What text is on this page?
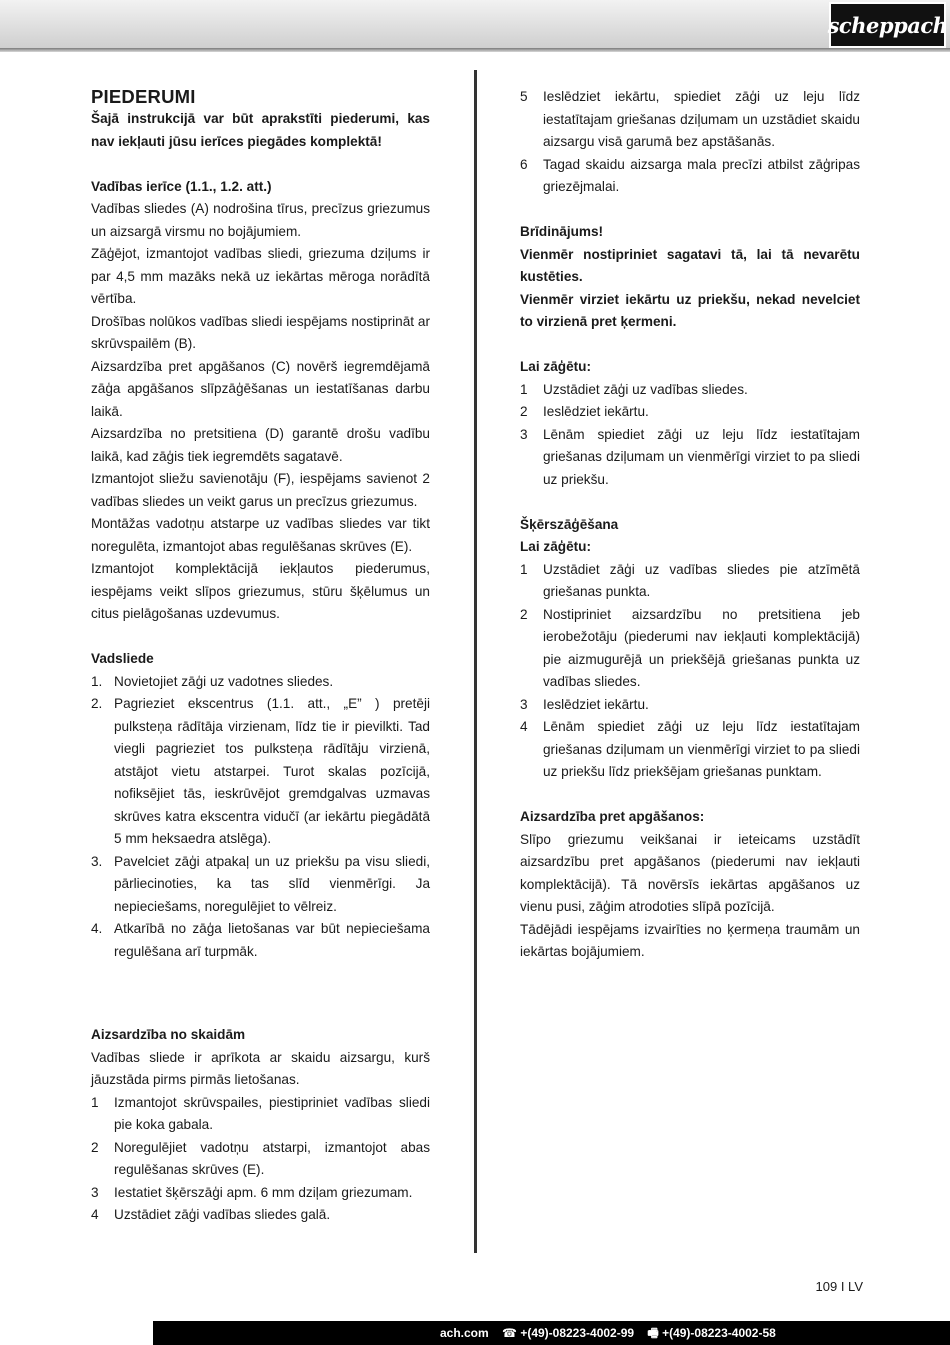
scheppach
PIEDERUMI

Šajā instrukcijā var būt aprakstīti piederumi, kas nav iekļauti jūsu ierīces piegādes komplektā!

Vadības ierīce (1.1., 1.2. att.)

Vadības sliedes (A) nodrošina tīrus, precīzus griezumus un aizsargā virsmu no bojājumiem.

Zāģējot, izmantojot vadības sliedi, griezuma dziļums ir par 4,5 mm mazāks nekā uz iekārtas mēroga norādītā vērtība.

Drošības nolūkos vadības sliedi iespējams nostiprināt ar skrūvspailēm (B).

Aizsardzība pret apgāšanos (C) novērš iegremdējamā zāģa apgāšanos slīpzāģēšanas un iestatīšanas darbu laikā.

Aizsardzība no pretsitiena (D) garantē drošu vadību laikā, kad zāģis tiek iegremdēts sagatavē.

Izmantojot sliežu savienotāju (F), iespējams savienot 2 vadības sliedes un veikt garus un precīzus griezumus.

Montāžas vadotņu atstarpe uz vadības sliedes var tikt noregulēta, izmantojot abas regulēšanas skrūves (E).

Izmantojot komplektācijā iekļautos piederumus, iespējams veikt slīpos griezumus, stūru šķēlumus un citus pielāgošanas uzdevumus.

Vadsliede
1. Novietojiet zāģi uz vadotnes sliedes.
2. Pagrieziet ekscentrus (1.1. att., „E” ) pretēji pulksteņa rādītāja virzienam, līdz tie ir pievilkti. Tad viegli pagrieziet tos pulksteņa rādītāju virzienā, atstājot vietu atstarpei. Turot skalas pozīcijā, nofiksējiet tās, ieskrūvējot gremdgalvas uzmavas skrūves katra ekscentra vidučī (ar iekārtu piegādātā 5 mm heksaedra atslēga).
3. Pavelciet zāģi atpakaļ un uz priekšu pa visu sliedi, pārliecinoties, ka tas slīd vienmērīgi. Ja nepieciešams, noregulējiet to vēlreiz.
4. Atkarībā no zāģa lietošanas var būt nepieciešama regulēšana arī turpmāk.
Aizsardzība no skaidām

Vadības sliede ir aprīkota ar skaidu aizsargu, kurš jāuzstāda pirms pirmās lietošanas.

1	Izmantojot skrūvspailes, piestipriniet vadības sliedi pie koka gabala.
2	Noregulējiet vadotņu atstarpi, izmantojot abas regulēšanas skrūves (E).
3	Iestatiet šķērszāģi apm. 6 mm dziļam griezumam.
4	Uzstādiet zāģi vadības sliedes galā.
5	Ieslēdziet iekārtu, spiediet zāģi uz leju līdz iestatītajam griešanas dziļumam un uzstādiet skaidu aizsargu visā garumā bez apstāšanās.
6	Tagad skaidu aizsarga mala precīzi atbilst zāģripas griezējmalai.
Brīdinājums!

Vienmēr nostipriniet sagatavi tā, lai tā nevarētu kustēties.

Vienmēr virziet iekārtu uz priekšu, nekad nevelciet to virzienā pret ķermeni.

Lai zāģētu:
1	Uzstādiet zāģi uz vadības sliedes.
2	Ieslēdziet iekārtu.
3	Lēnām spiediet zāģi uz leju līdz iestatītajam griešanas dziļumam un vienmērīgi virziet to pa sliedi uz priekšu.
Šķērszāģēšana
Lai zāģētu:
1	Uzstādiet zāģi uz vadības sliedes pie atzīmētā griešanas punkta.
2	Nostipriniet aizsardzību no pretsitiena jeb ierobežotāju (piederumi nav iekļauti komplektācijā) pie aizmugurējā un priekšējā griešanas punkta uz vadības sliedes.
3	Ieslēdziet iekārtu.
4	Lēnām spiediet zāģi uz leju līdz iestatītajam griešanas dziļumam un vienmērīgi virziet to pa sliedi uz priekšu līdz priekšējam griešanas punktam.
Aizsardzība pret apgāšanos:

Slīpo griezumu veikšanai ir ieteicams uzstādīt aizsardzību pret apgāšanos (piederumi nav iekļauti komplektācijā). Tā novērsīs iekārtas apgāšanos uz vienu pusi, zāģim atrodoties slīpā pozīcijā.

Tādējādi iespējams izvairīties no ķermeņa traumām un iekārtas bojājumiem.

109 I LV
ach.com ☎ +(49)-08223-4002-99 🖷 +(49)-08223-4002-58
